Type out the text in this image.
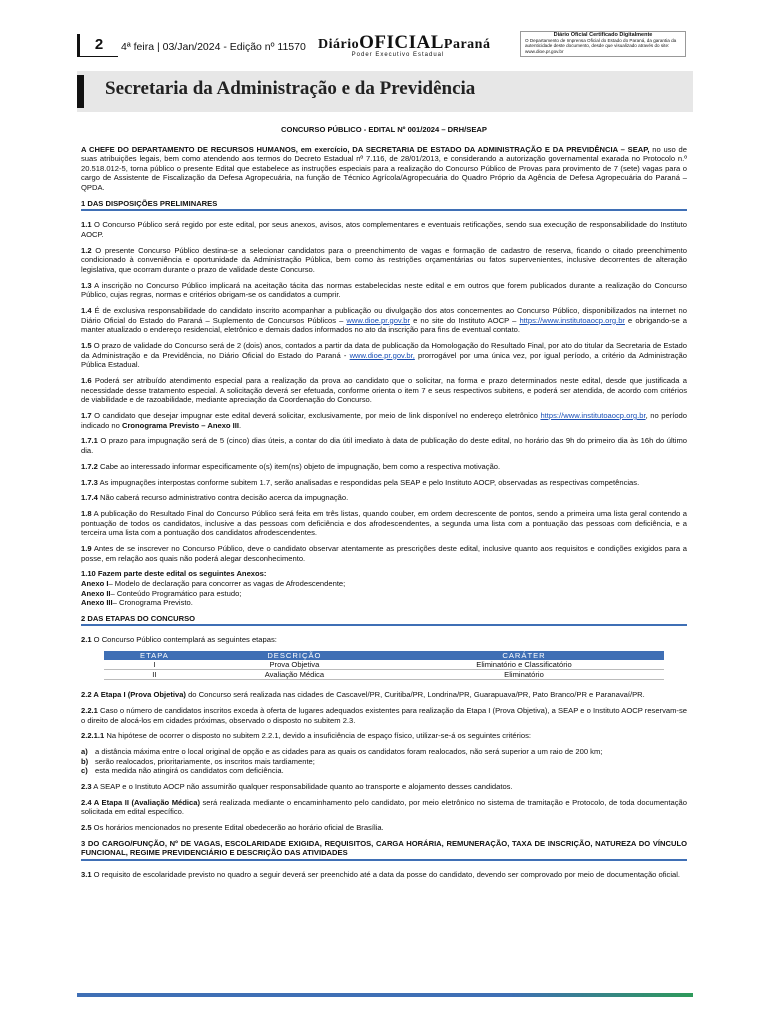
2	4ª feira | 03/Jan/2024 - Edição nº 11570 DiárioOFICIALParaná
Poder Executivo Estadual
Diário Oficial Certificado Digitalmente
O Departamento de Imprensa Oficial do Estado do Paraná, da garantia da autenticidade deste documento, desde que visualizado através do site: www.dioe.pr.gov.br
Secretaria da Administração e da Previdência

CONCURSO PÚBLICO - EDITAL Nº 001/2024 – DRH/SEAP

A CHEFE DO DEPARTAMENTO DE RECURSOS HUMANOS, em exercício, DA SECRETARIA DE ESTADO DA ADMINISTRAÇÃO E DA PREVIDÊNCIA – SEAP, no uso de suas atribuições legais, bem como atendendo aos termos do Decreto Estadual nº 7.116, de 28/01/2013, e considerando a autorização governamental exarada no Protocolo n.º 20.518.012-5, torna público o presente Edital que estabelece as instruções especiais para a realização do Concurso Público de Provas para provimento de 7 (sete) vagas para o cargo de Assistente de Fiscalização da Defesa Agropecuária, na função de Técnico Agrícola/Agropecuária do Quadro Próprio da Agência de Defesa Agropecuária do Paraná – QPDA.

1 DAS DISPOSIÇÕES PRELIMINARES

1.1 O Concurso Público será regido por este edital, por seus anexos, avisos, atos complementares e eventuais retificações, sendo sua execução de responsabilidade do Instituto AOCP.

1.2 O presente Concurso Público destina-se a selecionar candidatos para o preenchimento de vagas e formação de cadastro de reserva, ficando o citado preenchimento condicionado à conveniência e oportunidade da Administração Pública, bem como às restrições orçamentárias ou fatos supervenientes, inclusive decorrentes de alteração legislativa, que ocorram durante o prazo de validade deste Concurso.

1.3 A inscrição no Concurso Público implicará na aceitação tácita das normas estabelecidas neste edital e em outros que forem publicados durante a realização do Concurso Público, cujas regras, normas e critérios obrigam-se os candidatos a cumprir.

1.4 É de exclusiva responsabilidade do candidato inscrito acompanhar a publicação ou divulgação dos atos concernentes ao Concurso Público, disponibilizados na internet no Diário Oficial do Estado do Paraná – Suplemento de Concursos Públicos – www.dioe.pr.gov.br e no site do Instituto AOCP – https://www.institutoaocp.org.br e obrigando-se a manter atualizado o endereço residencial, eletrônico e demais dados informados no ato da inscrição para fins de eventual contato.

1.5 O prazo de validade do Concurso será de 2 (dois) anos, contados a partir da data de publicação da Homologação do Resultado Final, por ato do titular da Secretaria de Estado da Administração e da Previdência, no Diário Oficial do Estado do Paraná - www.dioe.pr.gov.br, prorrogável por uma única vez, por igual período, a critério da Administração Pública Estadual.

1.6 Poderá ser atribuído atendimento especial para a realização da prova ao candidato que o solicitar, na forma e prazo determinados neste edital, desde que justificada a necessidade desse tratamento especial. A solicitação deverá ser efetuada, conforme orienta o item 7 e seus respectivos subitens, e poderá ser atendida, de acordo com critérios de viabilidade e de razoabilidade, mediante apreciação da Coordenação do Concurso.

1.7 O candidato que desejar impugnar este edital deverá solicitar, exclusivamente, por meio de link disponível no endereço eletrônico https://www.institutoaocp.org.br, no período indicado no Cronograma Previsto – Anexo III.

1.7.1 O prazo para impugnação será de 5 (cinco) dias úteis, a contar do dia útil imediato à data de publicação do deste edital, no horário das 9h do primeiro dia às 16h do último dia.

1.7.2 Cabe ao interessado informar especificamente o(s) item(ns) objeto de impugnação, bem como a respectiva motivação.

1.7.3 As impugnações interpostas conforme subitem 1.7, serão analisadas e respondidas pela SEAP e pelo Instituto AOCP, observadas as respectivas competências.

1.7.4 Não caberá recurso administrativo contra decisão acerca da impugnação.

1.8 A publicação do Resultado Final do Concurso Público será feita em três listas, quando couber, em ordem decrescente de pontos, sendo a primeira uma lista geral contendo a pontuação de todos os candidatos, inclusive a das pessoas com deficiência e dos afrodescendentes, a segunda uma lista com a pontuação das pessoas com deficiência, e a terceira uma lista com a pontuação dos candidatos afrodescendentes.

1.9 Antes de se inscrever no Concurso Público, deve o candidato observar atentamente as prescrições deste edital, inclusive quanto aos requisitos e condições exigidos para a posse, em relação aos quais não poderá alegar desconhecimento.

1.10 Fazem parte deste edital os seguintes Anexos:
Anexo I – Modelo de declaração para concorrer as vagas de Afrodescendente;
Anexo II – Conteúdo Programático para estudo;
Anexo III – Cronograma Previsto.

2 DAS ETAPAS DO CONCURSO

2.1 O Concurso Público contemplará as seguintes etapas:

ETAPA	DESCRIÇÃO	CARÁTER
I	Prova Objetiva	Eliminatório e Classificatório
II	Avaliação Médica	Eliminatório

2.2 A Etapa I (Prova Objetiva) do Concurso será realizada nas cidades de Cascavel/PR, Curitiba/PR, Londrina/PR, Guarapuava/PR, Pato Branco/PR e Paranavaí/PR.

2.2.1 Caso o número de candidatos inscritos exceda à oferta de lugares adequados existentes para realização da Etapa I (Prova Objetiva), a SEAP e o Instituto AOCP reservam-se o direito de alocá-los em cidades próximas, observado o disposto no subitem 2.3.

2.2.1.1 Na hipótese de ocorrer o disposto no subitem 2.2.1, devido a insuficiência de espaço físico, utilizar-se-á os seguintes critérios:

a) a distância máxima entre o local original de opção e as cidades para as quais os candidatos foram realocados, não será superior a um raio de 200 km;
b) serão realocados, prioritariamente, os inscritos mais tardiamente;
c) esta medida não atingirá os candidatos com deficiência.

2.3 A SEAP e o Instituto AOCP não assumirão qualquer responsabilidade quanto ao transporte e alojamento desses candidatos.

2.4 A Etapa II (Avaliação Médica) será realizada mediante o encaminhamento pelo candidato, por meio eletrônico no sistema de tramitação e Protocolo, de toda documentação solicitada em edital específico.

2.5 Os horários mencionados no presente Edital obedecerão ao horário oficial de Brasília.

3 DO CARGO/FUNÇÃO, Nº DE VAGAS, ESCOLARIDADE EXIGIDA, REQUISITOS, CARGA HORÁRIA, REMUNERAÇÃO, TAXA DE INSCRIÇÃO, NATUREZA DO VÍNCULO FUNCIONAL, REGIME PREVIDENCIÁRIO E DESCRIÇÃO DAS ATIVIDADES

3.1 O requisito de escolaridade previsto no quadro a seguir deverá ser preenchido até a data da posse do candidato, devendo ser comprovado por meio de documentação oficial.
